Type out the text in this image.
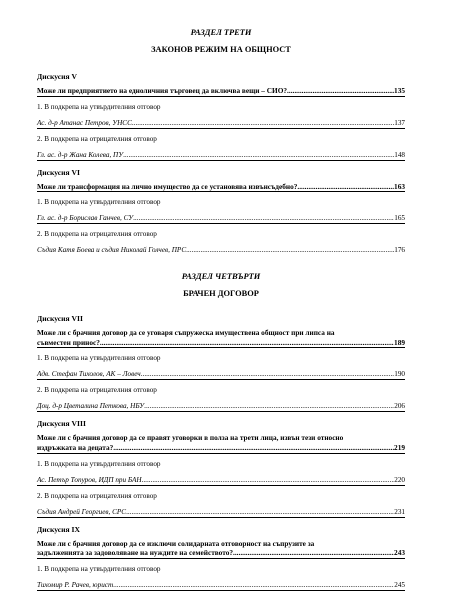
РАЗДЕЛ ТРЕТИ
ЗАКОНОВ РЕЖИМ НА ОБЩНОСТ
Дискусия V
Може ли предприятието на едноличния търговец да включва вещи – СИО? .....	135
1. В подкрепа на утвърдителния отговор
Ас. д-р Атанас Петров, УНСС .....	137
2. В подкрепа на отрицателния отговор
Гл. ас. д-р Жана Колева, ПУ .....	148
Дискусия VI
Може ли трансформация на лично имущество да се установява извънсъдебно? .....	163
1. В подкрепа на утвърдителния отговор
Гл. ас. д-р Борислав Ганчев, СУ .....	165
2. В подкрепа на отрицателния отговор
Съдия Катя Боева и съдия Николай Голчев, ПРС .....	176
РАЗДЕЛ ЧЕТВЪРТИ
БРАЧЕН ДОГОВОР
Дискусия VII
Може ли с брачния договор да се уговаря съпружеска имуществена общност при липса на
съвместен принос? .....	189
1. В подкрепа на утвърдителния отговор
Адв. Стефан Тихолов, АК – Ловеч .....	190
2. В подкрепа на отрицателния отговор
Доц. д-р Цветалина Петкова, НБУ .....	206
Дискусия VIII
Може ли с брачния договор да се правят уговорки в полза на трети лица, извън тези относно
издръжката на децата? .....	219
1. В подкрепа на утвърдителния отговор
Ас. Петър Топуров, ИДП при БАН .....	220
2. В подкрепа на отрицателния отговор
Съдия Андрей Георгиев, СРС .....	231
Дискусия IX
Може ли с брачния договор да се изключи солидарната отговорност на съпрузите за
задълженията за задоволяване на нуждите на семейството? .....	243
1. В подкрепа на утвърдителния отговор
Тихомир Р. Рачев, юрист .....	245
